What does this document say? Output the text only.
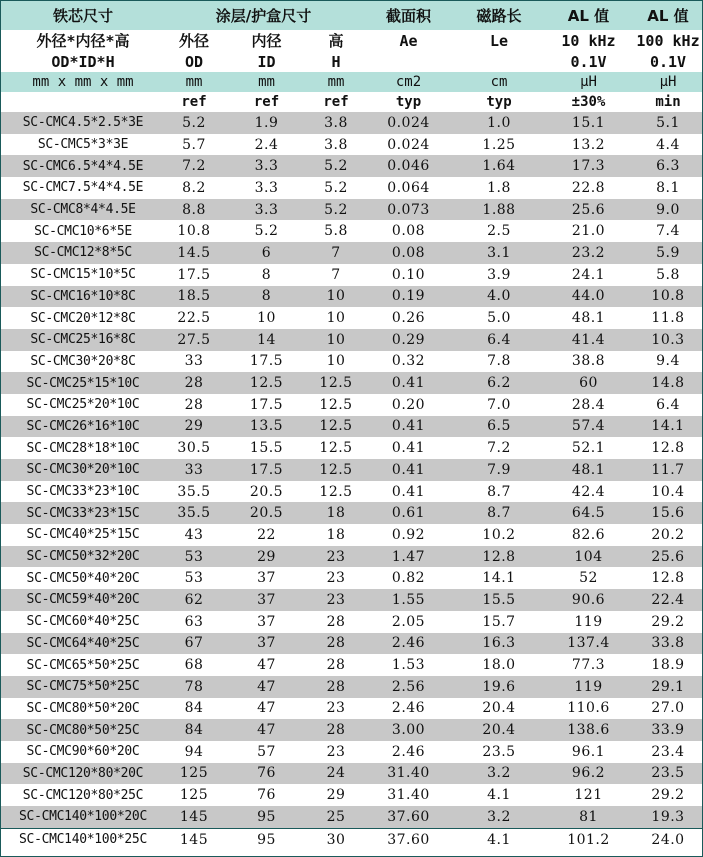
铁芯尺寸	涂层/护盒尺寸			截面积	磁路长	AL 值	AL 值
外径*内径*高	外径	内径	高	Ae	Le	10 kHz	100 kHz
OD*ID*H	OD	ID	H			0.1V	0.1V
mm x mm x mm	mm	mm	mm	cm2	cm	μH	μH
	ref	ref	ref	typ	typ	±30%	min
SC-CMC4.5*2.5*3E	5.2	1.9	3.8	0.024	1.0	15.1	5.1
SC-CMC5*3*3E	5.7	2.4	3.8	0.024	1.25	13.2	4.4
SC-CMC6.5*4*4.5E	7.2	3.3	5.2	0.046	1.64	17.3	6.3
SC-CMC7.5*4*4.5E	8.2	3.3	5.2	0.064	1.8	22.8	8.1
SC-CMC8*4*4.5E	8.8	3.3	5.2	0.073	1.88	25.6	9.0
SC-CMC10*6*5E	10.8	5.2	5.8	0.08	2.5	21.0	7.4
SC-CMC12*8*5C	14.5	6	7	0.08	3.1	23.2	5.9
SC-CMC15*10*5C	17.5	8	7	0.10	3.9	24.1	5.8
SC-CMC16*10*8C	18.5	8	10	0.19	4.0	44.0	10.8
SC-CMC20*12*8C	22.5	10	10	0.26	5.0	48.1	11.8
SC-CMC25*16*8C	27.5	14	10	0.29	6.4	41.4	10.3
SC-CMC30*20*8C	33	17.5	10	0.32	7.8	38.8	9.4
SC-CMC25*15*10C	28	12.5	12.5	0.41	6.2	60	14.8
SC-CMC25*20*10C	28	17.5	12.5	0.20	7.0	28.4	6.4
SC-CMC26*16*10C	29	13.5	12.5	0.41	6.5	57.4	14.1
SC-CMC28*18*10C	30.5	15.5	12.5	0.41	7.2	52.1	12.8
SC-CMC30*20*10C	33	17.5	12.5	0.41	7.9	48.1	11.7
SC-CMC33*23*10C	35.5	20.5	12.5	0.41	8.7	42.4	10.4
SC-CMC33*23*15C	35.5	20.5	18	0.61	8.7	64.5	15.6
SC-CMC40*25*15C	43	22	18	0.92	10.2	82.6	20.2
SC-CMC50*32*20C	53	29	23	1.47	12.8	104	25.6
SC-CMC50*40*20C	53	37	23	0.82	14.1	52	12.8
SC-CMC59*40*20C	62	37	23	1.55	15.5	90.6	22.4
SC-CMC60*40*25C	63	37	28	2.05	15.7	119	29.2
SC-CMC64*40*25C	67	37	28	2.46	16.3	137.4	33.8
SC-CMC65*50*25C	68	47	28	1.53	18.0	77.3	18.9
SC-CMC75*50*25C	78	47	28	2.56	19.6	119	29.1
SC-CMC80*50*20C	84	47	23	2.46	20.4	110.6	27.0
SC-CMC80*50*25C	84	47	28	3.00	20.4	138.6	33.9
SC-CMC90*60*20C	94	57	23	2.46	23.5	96.1	23.4
SC-CMC120*80*20C	125	76	24	31.40	3.2	96.2	23.5
SC-CMC120*80*25C	125	76	29	31.40	4.1	121	29.2
SC-CMC140*100*20C	145	95	25	37.60	3.2	81	19.3
SC-CMC140*100*25C	145	95	30	37.60	4.1	101.2	24.0
